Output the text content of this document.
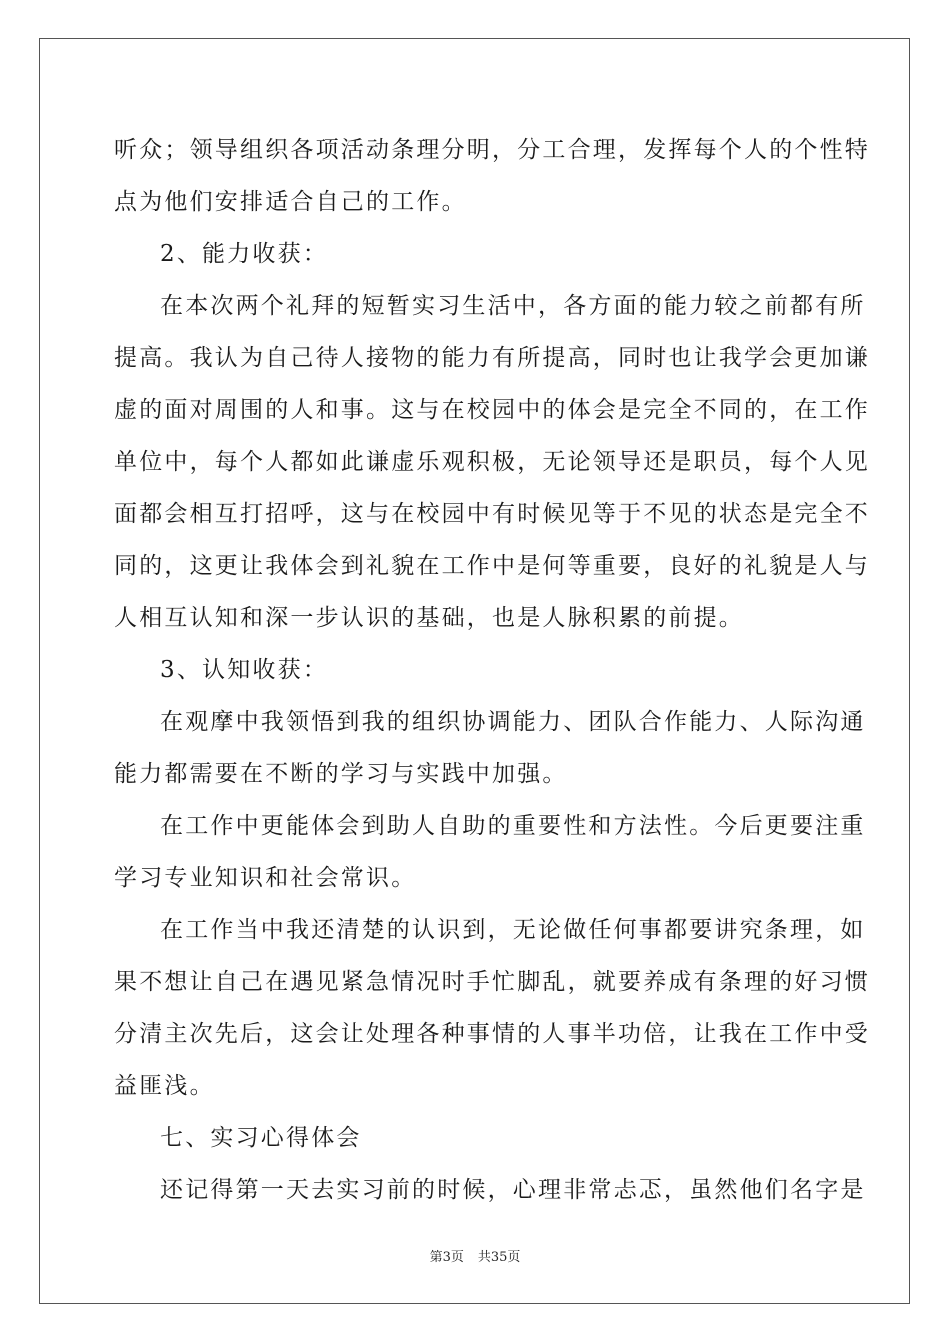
听众；领导组织各项活动条理分明，分工合理，发挥每个人的个性特
点为他们安排适合自己的工作。
2、能力收获：
在本次两个礼拜的短暂实习生活中，各方面的能力较之前都有所
提高。我认为自己待人接物的能力有所提高，同时也让我学会更加谦
虚的面对周围的人和事。这与在校园中的体会是完全不同的，在工作
单位中，每个人都如此谦虚乐观积极，无论领导还是职员，每个人见
面都会相互打招呼，这与在校园中有时候见等于不见的状态是完全不
同的，这更让我体会到礼貌在工作中是何等重要，良好的礼貌是人与
人相互认知和深一步认识的基础，也是人脉积累的前提。
3、认知收获：
在观摩中我领悟到我的组织协调能力、团队合作能力、人际沟通
能力都需要在不断的学习与实践中加强。
在工作中更能体会到助人自助的重要性和方法性。今后更要注重
学习专业知识和社会常识。
在工作当中我还清楚的认识到，无论做任何事都要讲究条理，如
果不想让自己在遇见紧急情况时手忙脚乱，就要养成有条理的好习惯
分清主次先后，这会让处理各种事情的人事半功倍，让我在工作中受
益匪浅。
七、实习心得体会
还记得第一天去实习前的时候，心理非常忐忑，虽然他们名字是
第3页 共35页
